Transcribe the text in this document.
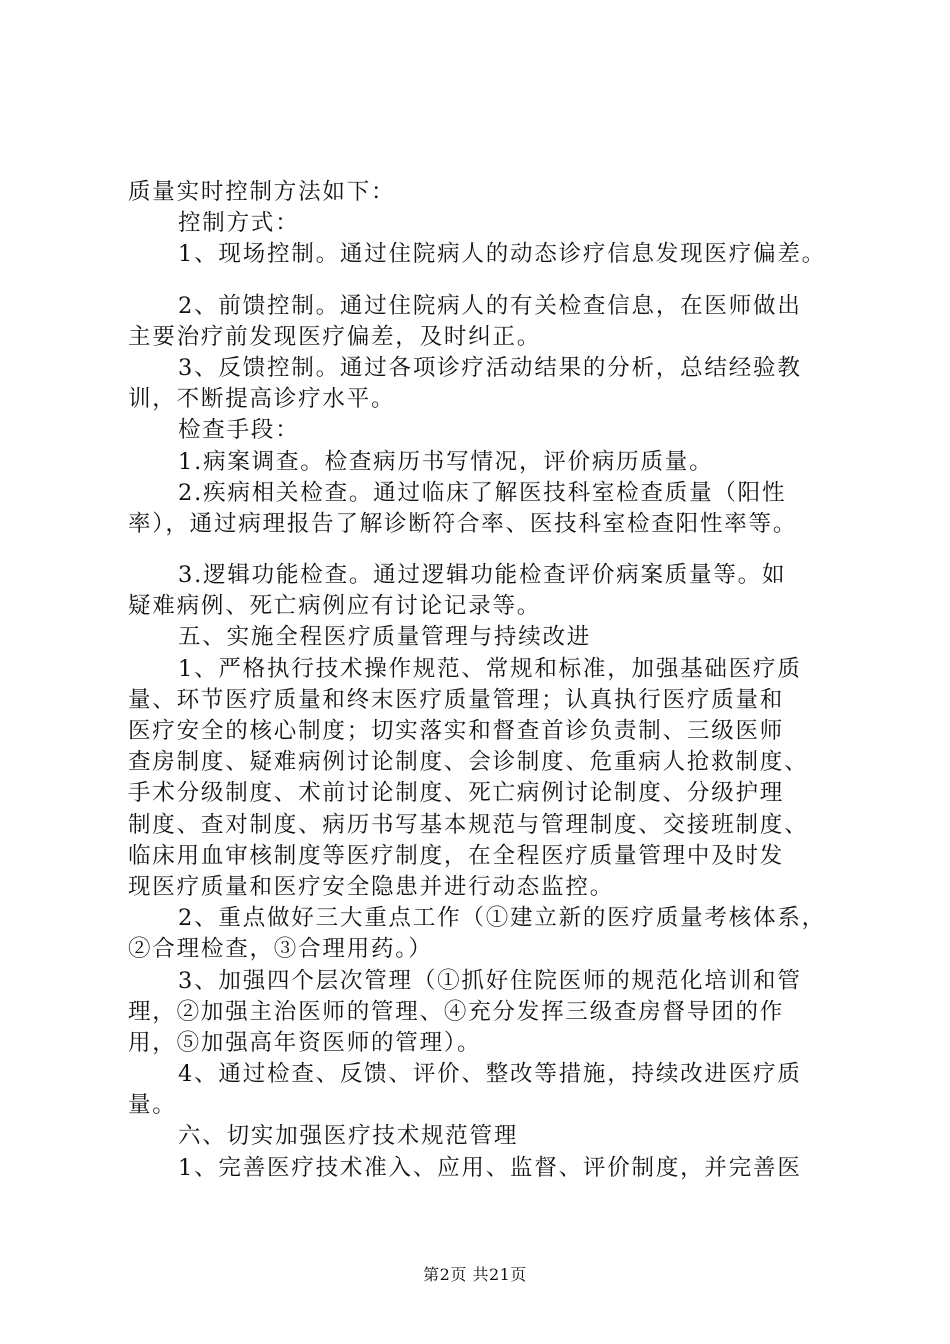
质量实时控制方法如下：
控制方式：
1、现场控制。通过住院病人的动态诊疗信息发现医疗偏差。
2、前馈控制。通过住院病人的有关检查信息，在医师做出
主要治疗前发现医疗偏差，及时纠正。
3、反馈控制。通过各项诊疗活动结果的分析，总结经验教
训，不断提高诊疗水平。
检查手段：
1.病案调查。检查病历书写情况，评价病历质量。
2.疾病相关检查。通过临床了解医技科室检查质量（阳性
率），通过病理报告了解诊断符合率、医技科室检查阳性率等。
3.逻辑功能检查。通过逻辑功能检查评价病案质量等。如
疑难病例、死亡病例应有讨论记录等。
五、实施全程医疗质量管理与持续改进
1、严格执行技术操作规范、常规和标准，加强基础医疗质
量、环节医疗质量和终末医疗质量管理；认真执行医疗质量和
医疗安全的核心制度；切实落实和督查首诊负责制、三级医师
查房制度、疑难病例讨论制度、会诊制度、危重病人抢救制度、
手术分级制度、术前讨论制度、死亡病例讨论制度、分级护理
制度、查对制度、病历书写基本规范与管理制度、交接班制度、
临床用血审核制度等医疗制度，在全程医疗质量管理中及时发
现医疗质量和医疗安全隐患并进行动态监控。
2、重点做好三大重点工作（①建立新的医疗质量考核体系，
②合理检查，③合理用药。）
3、加强四个层次管理（①抓好住院医师的规范化培训和管
理，②加强主治医师的管理、④充分发挥三级查房督导团的作
用，⑤加强高年资医师的管理）。
4、通过检查、反馈、评价、整改等措施，持续改进医疗质
量。
六、切实加强医疗技术规范管理
1、完善医疗技术准入、应用、监督、评价制度，并完善医
第2页 共21页
